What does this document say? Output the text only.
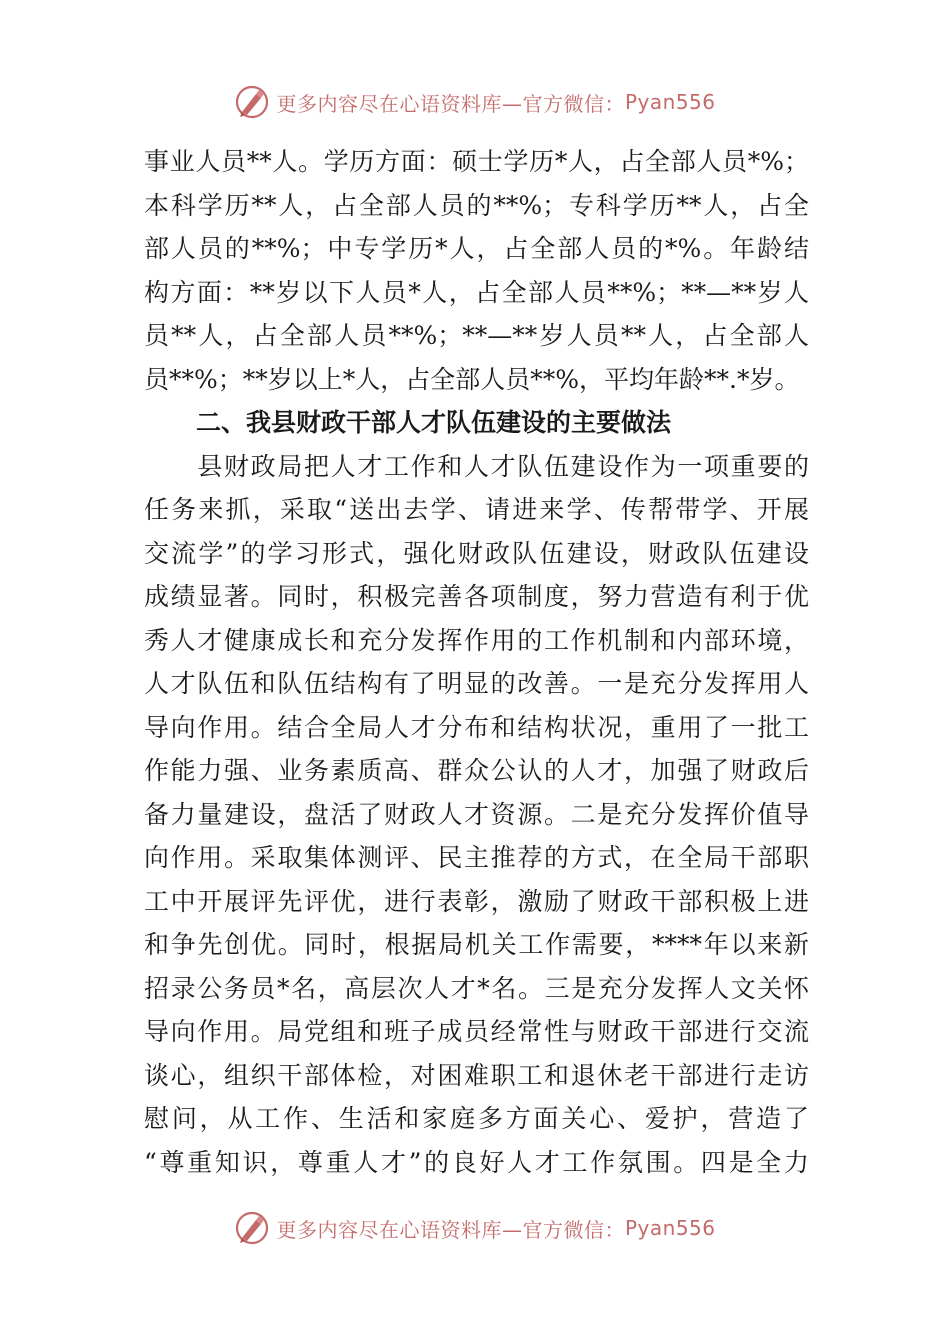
更多内容尽在心语资料库—官方微信： Pyan556
事业人员**人。学历方面：硕士学历*人，占全部人员*%；
本科学历**人，占全部人员的**%；专科学历**人，占全
部人员的**%；中专学历*人，占全部人员的*%。年龄结
构方面：**岁以下人员*人，占全部人员**%；**—**岁人
员**人，占全部人员**%；**—**岁人员**人，占全部人
员**%；**岁以上*人，占全部人员**%，平均年龄**.*岁。
二、我县财政干部人才队伍建设的主要做法
　　县财政局把人才工作和人才队伍建设作为一项重要的
任务来抓，采取“送出去学、请进来学、传帮带学、开展
交流学”的学习形式，强化财政队伍建设，财政队伍建设
成绩显著。同时，积极完善各项制度，努力营造有利于优
秀人才健康成长和充分发挥作用的工作机制和内部环境，
人才队伍和队伍结构有了明显的改善。一是充分发挥用人
导向作用。结合全局人才分布和结构状况，重用了一批工
作能力强、业务素质高、群众公认的人才，加强了财政后
备力量建设，盘活了财政人才资源。二是充分发挥价值导
向作用。采取集体测评、民主推荐的方式，在全局干部职
工中开展评先评优，进行表彰，激励了财政干部积极上进
和争先创优。同时，根据局机关工作需要，****年以来新
招录公务员*名，高层次人才*名。三是充分发挥人文关怀
导向作用。局党组和班子成员经常性与财政干部进行交流
谈心，组织干部体检，对困难职工和退休老干部进行走访
慰问，从工作、生活和家庭多方面关心、爱护，营造了
“尊重知识，尊重人才”的良好人才工作氛围。四是全力
更多内容尽在心语资料库—官方微信： Pyan556
